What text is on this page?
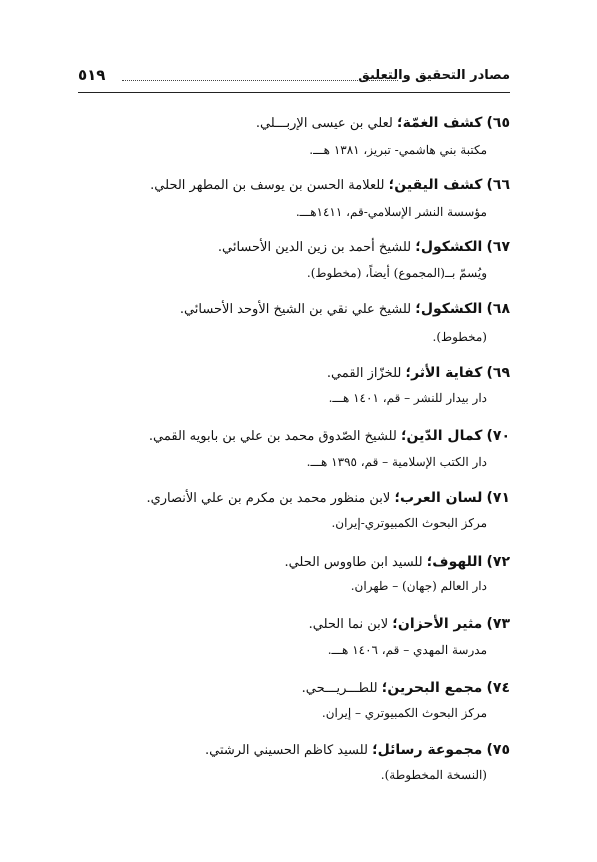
مصادر التحقيق والتعليق
٥١٩
٦٥) كشف الغمّة؛ لعلي بن عيسى الإربـــلي.
مكتبة بني هاشمي- تبريز، ١٣٨١ هـــ.
٦٦) كشف اليقين؛ للعلامة الحسن بن يوسف بن المطهر الحلي.
مؤسسة النشر الإسلامي-قم، ١٤١١هـــ.
٦٧) الكشكول؛ للشيخ أحمد بن زين الدين الأحسائي.
ويُسمّ بــ(المجموع) أيضاً، (مخطوط).
٦٨) الكشكول؛ للشيخ علي نقي بن الشيخ الأوحد الأحسائي.
(مخطوط).
٦٩) كفاية الأثر؛ للخزّاز القمي.
دار بيدار للنشر – قم، ١٤٠١ هـــ.
٧٠) كمال الدّين؛ للشيخ الصّدوق محمد بن علي بن بابويه القمي.
دار الكتب الإسلامية – قم، ١٣٩٥ هـــ.
٧١) لسان العرب؛ لابن منظور محمد بن مكرم بن علي الأنصاري.
مركز البحوث الكمبيوتري-إيران.
٧٢) اللهوف؛ للسيد ابن طاووس الحلي.
دار العالم (جهان) – طهران.
٧٣) مثير الأحزان؛ لابن نما الحلي.
مدرسة المهدي – قم، ١٤٠٦ هـــ.
٧٤) مجمع البحرين؛ للطـــريـــحي.
مركز البحوث الكمبيوتري – إيران.
٧٥) مجموعة رسائل؛ للسيد كاظم الحسيني الرشتي.
(النسخة المخطوطة).
